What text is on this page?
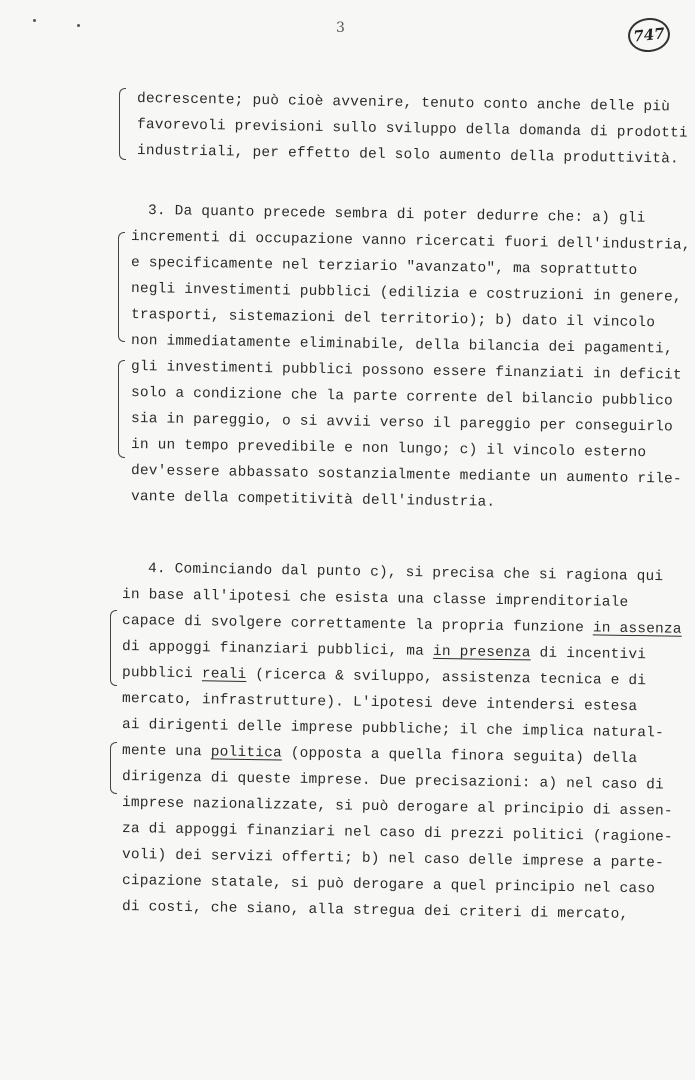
3	747
decrescente; può cioè avvenire, tenuto conto anche delle più
favorevoli previsioni sullo sviluppo della domanda di prodotti
industriali, per effetto del solo aumento della produttività.
3. Da quanto precede sembra di poter dedurre che: a) gli
incrementi di occupazione vanno ricercati fuori dell'industria,
e specificamente nel terziario "avanzato", ma soprattutto
negli investimenti pubblici (edilizia e costruzioni in genere,
trasporti, sistemazioni del territorio); b) dato il vincolo
non immediatamente eliminabile, della bilancia dei pagamenti,
gli investimenti pubblici possono essere finanziati in deficit
solo a condizione che la parte corrente del bilancio pubblico
sia in pareggio, o si avvii verso il pareggio per conseguirlo
in un tempo prevedibile e non lungo; c) il vincolo esterno
dev'essere abbassato sostanzialmente mediante un aumento rile-
vante della competitività dell'industria.
4. Cominciando dal punto c), si precisa che si ragiona qui
in base all'ipotesi che esista una classe imprenditoriale
capace di svolgere correttamente la propria funzione in assenza
di appoggi finanziari pubblici, ma in presenza di incentivi
pubblici reali (ricerca & sviluppo, assistenza tecnica e di
mercato, infrastrutture). L'ipotesi deve intendersi estesa
ai dirigenti delle imprese pubbliche; il che implica natural-
mente una politica (opposta a quella finora seguita) della
dirigenza di queste imprese. Due precisazioni: a) nel caso di
imprese nazionalizzate, si può derogare al principio di assen-
za di appoggi finanziari nel caso di prezzi politici (ragione-
voli) dei servizi offerti; b) nel caso delle imprese a parte-
cipazione statale, si può derogare a quel principio nel caso
di costi, che siano, alla stregua dei criteri di mercato,
